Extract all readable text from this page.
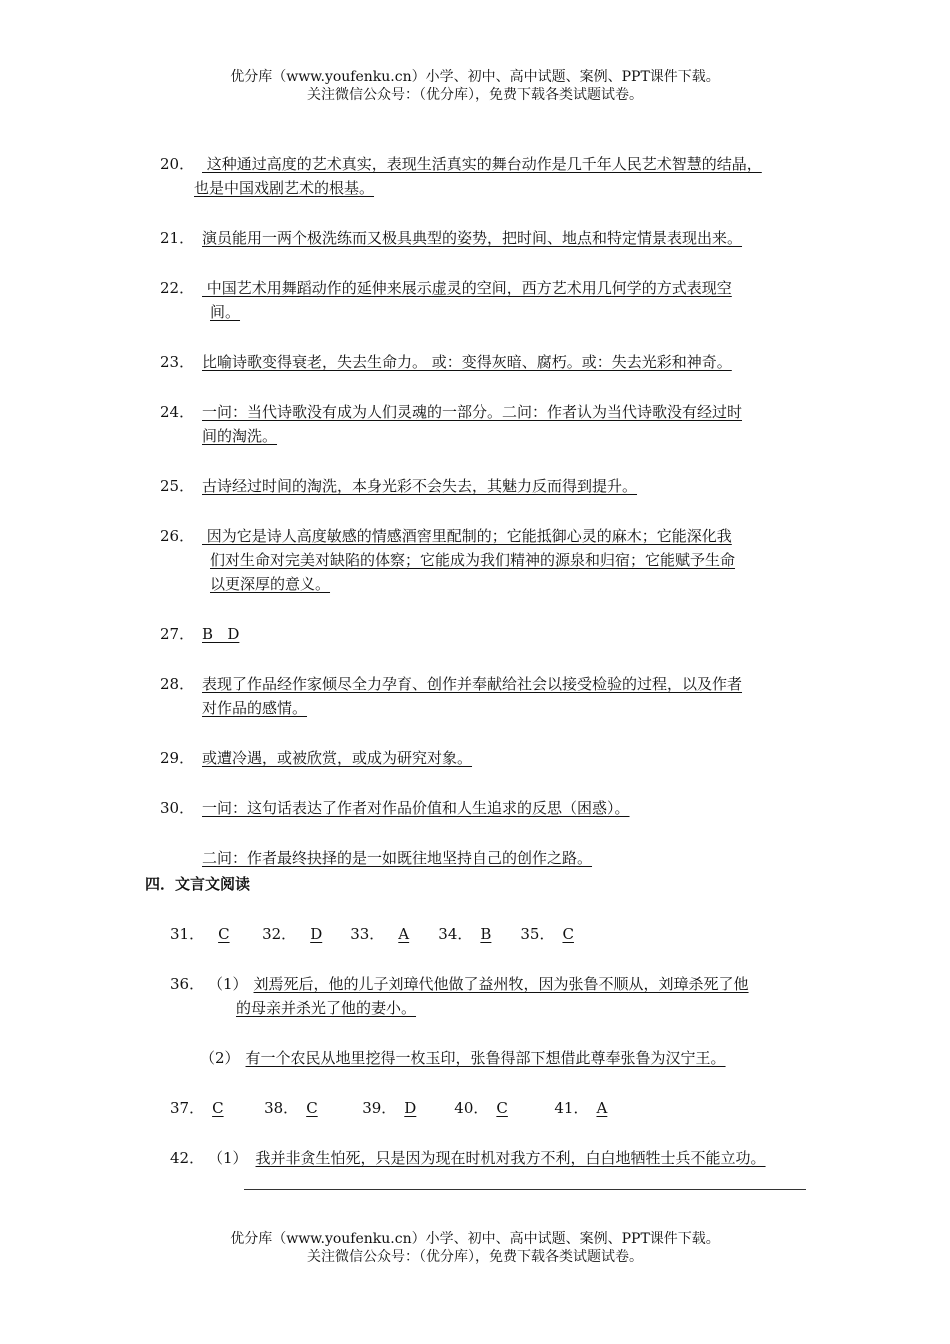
优分库（www.youfenku.cn）小学、初中、高中试题、案例、PPT课件下载。
关注微信公众号：（优分库），免费下载各类试题试卷。
20． 这种通过高度的艺术真实，表现生活真实的舞台动作是几千年人民艺术智慧的结晶，
也是中国戏剧艺术的根基。
21． 演员能用一两个极洗练而又极具典型的姿势，把时间、地点和特定情景表现出来。
22． 中国艺术用舞蹈动作的延伸来展示虚灵的空间，西方艺术用几何学的方式表现空
间。
23． 比喻诗歌变得衰老，失去生命力。 或：变得灰暗、腐朽。或：失去光彩和神奇。
24． 一问：当代诗歌没有成为人们灵魂的一部分。二问：作者认为当代诗歌没有经过时
间的淘洗。
25． 古诗经过时间的淘洗，本身光彩不会失去，其魅力反而得到提升。
26． 因为它是诗人高度敏感的情感酒窖里配制的；它能抵御心灵的麻木；它能深化我
们对生命对完美对缺陷的体察；它能成为我们精神的源泉和归宿；它能赋予生命
以更深厚的意义。
27． B   D
28． 表现了作品经作家倾尽全力孕育、创作并奉献给社会以接受检验的过程，以及作者
对作品的感情。
29． 或遭冷遇，或被欣赏，或成为研究对象。
30． 一问：这句话表达了作者对作品价值和人生追求的反思（困惑）。
二问：作者最终抉择的是一如既往地坚持自己的创作之路。
四．文言文阅读
31． C 32． D 33． A 34． B 35． C
36． （1） 刘焉死后，他的儿子刘璋代他做了益州牧，因为张鲁不顺从，刘璋杀死了他
的母亲并杀光了他的妻小。
（2） 有一个农民从地里挖得一枚玉印，张鲁得部下想借此尊奉张鲁为汉宁王。
37． C	38． C	39． D	40． C	41． A
42． （1） 我并非贪生怕死，只是因为现在时机对我方不利，白白地牺牲士兵不能立功。
优分库（www.youfenku.cn）小学、初中、高中试题、案例、PPT课件下载。
关注微信公众号：（优分库），免费下载各类试题试卷。
